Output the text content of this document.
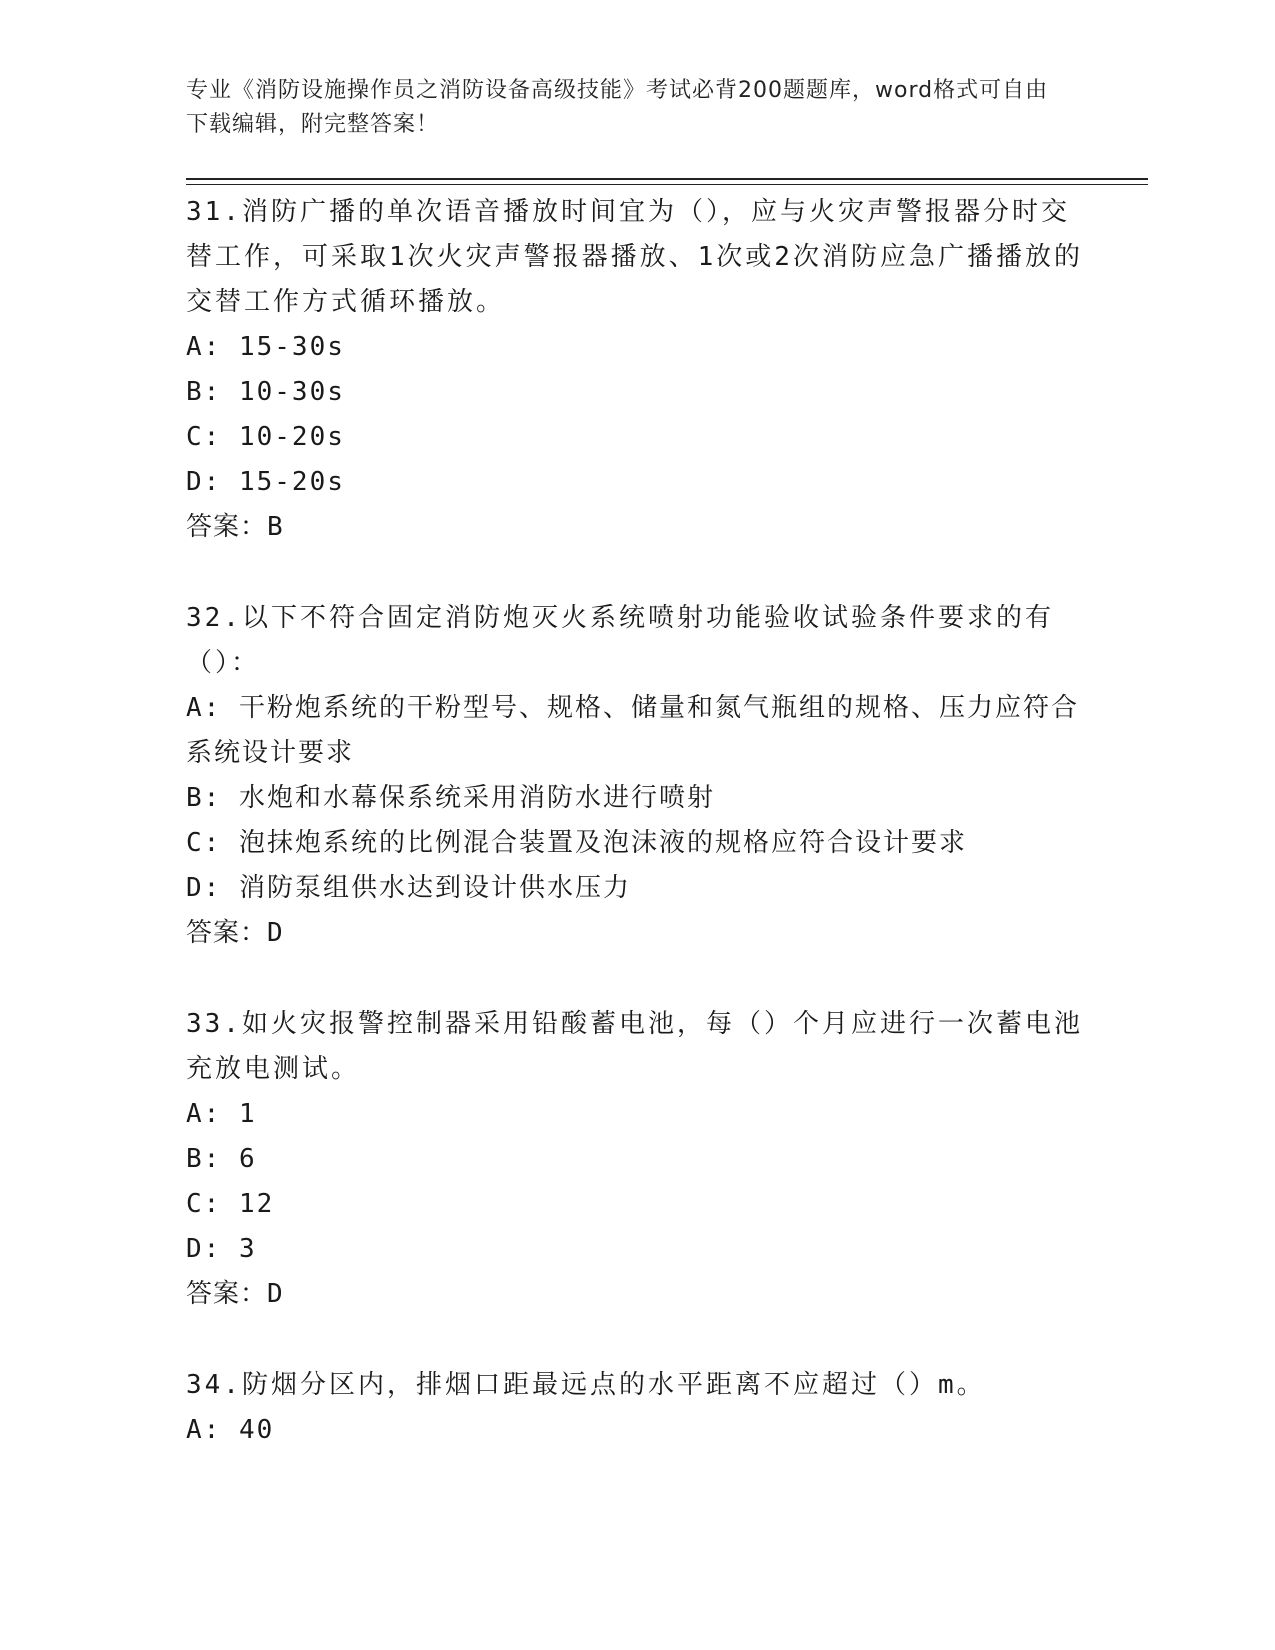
专业《消防设施操作员之消防设备高级技能》考试必背200题题库，word格式可自由下载编辑，附完整答案！

31.消防广播的单次语音播放时间宜为（），应与火灾声警报器分时交替工作，可采取1次火灾声警报器播放、1次或2次消防应急广播播放的交替工作方式循环播放。

A: 15-30s

B: 10-30s

C: 10-20s

D: 15-20s

答案：B

32.以下不符合固定消防炮灭火系统喷射功能验收试验条件要求的有（）：

A: 干粉炮系统的干粉型号、规格、储量和氮气瓶组的规格、压力应符合系统设计要求

B: 水炮和水幕保系统采用消防水进行喷射

C: 泡抹炮系统的比例混合装置及泡沫液的规格应符合设计要求

D: 消防泵组供水达到设计供水压力

答案：D

33.如火灾报警控制器采用铅酸蓄电池，每（）个月应进行一次蓄电池充放电测试。

A: 1

B: 6

C: 12

D: 3

答案：D

34.防烟分区内，排烟口距最远点的水平距离不应超过（）m。

A: 40
